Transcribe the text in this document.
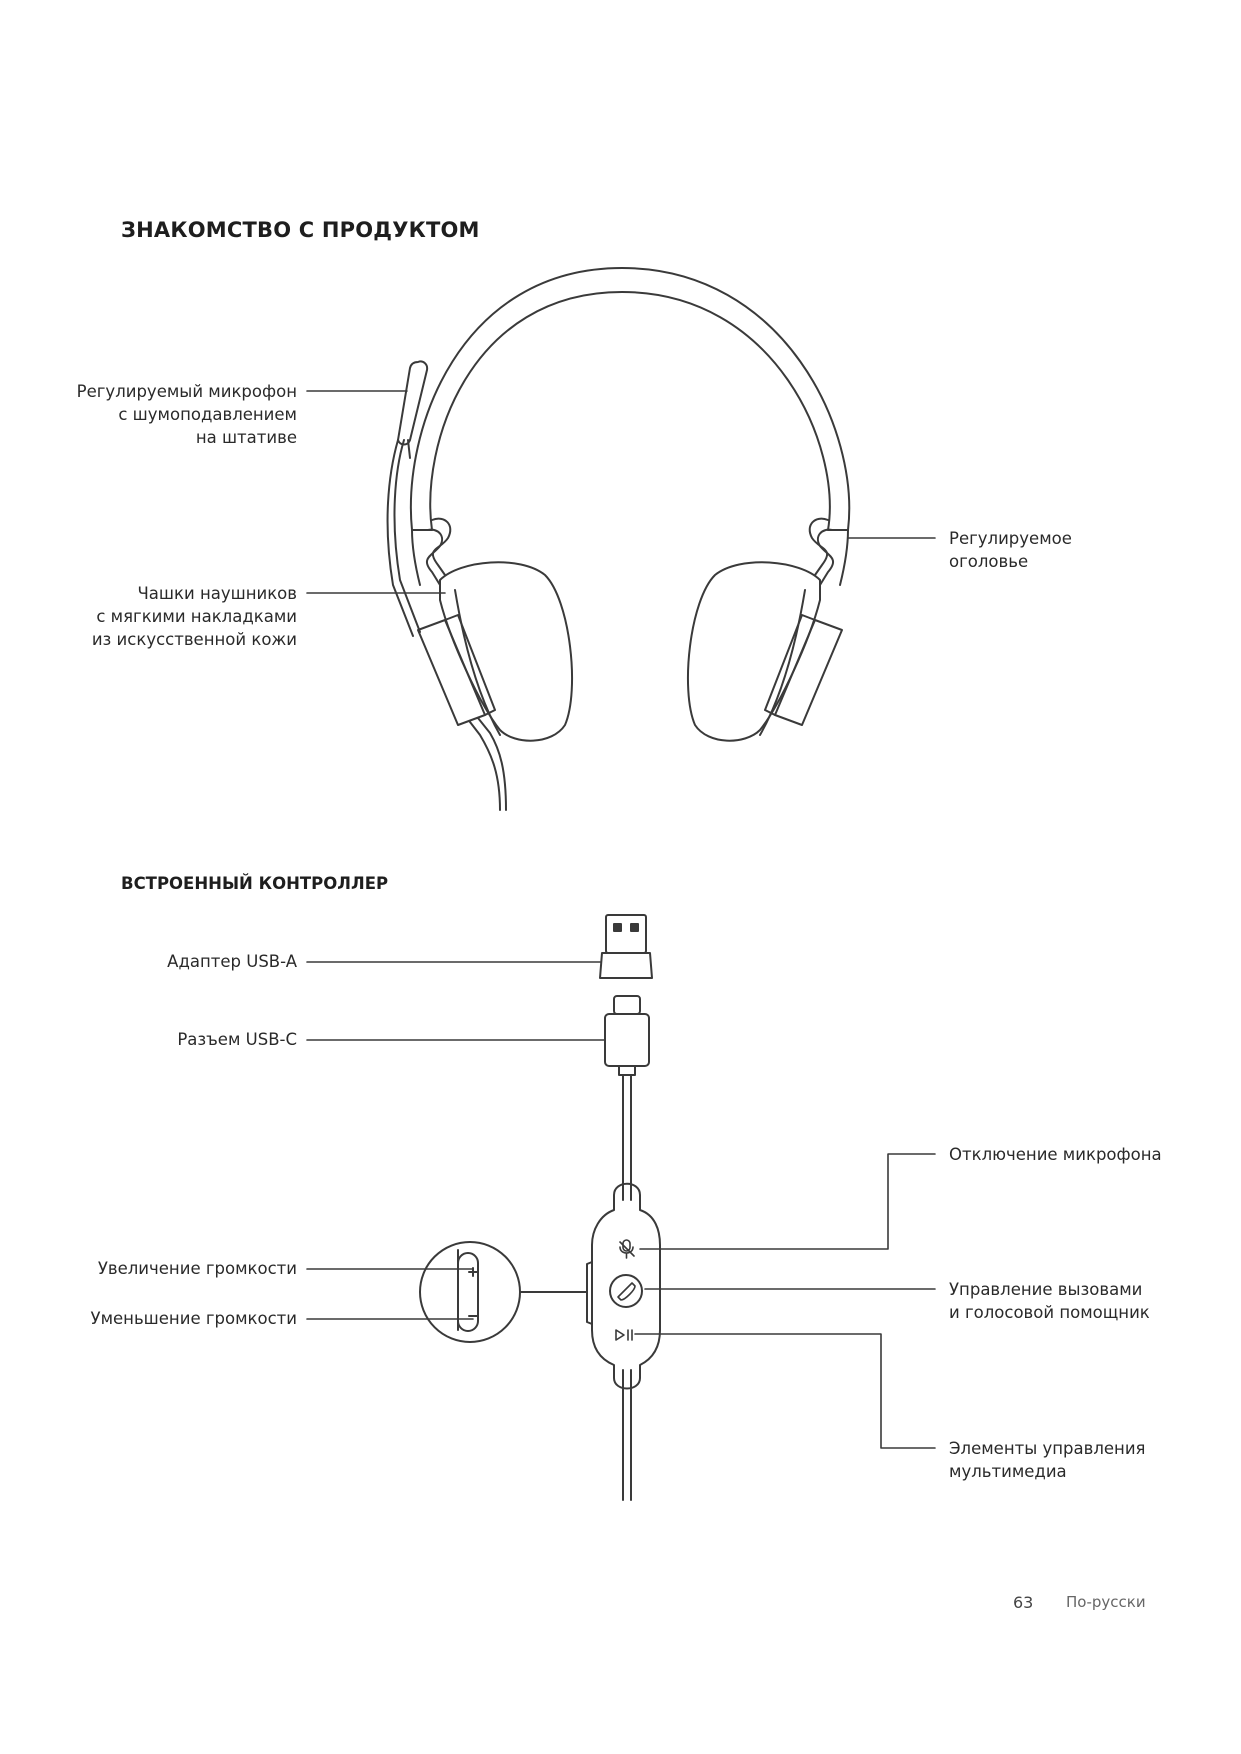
ЗНАКОМСТВО С ПРОДУКТОМ
ВСТРОЕННЫЙ КОНТРОЛЛЕР
Регулируемый микрофон
с шумоподавлением
на штативе
Чашки наушников
с мягкими накладками
из искусственной кожи
Регулируемое
оголовье
Адаптер USB-A
Разъем USB-C
Увеличение громкости
Уменьшение громкости
Отключение микрофона
Управление вызовами
и голосовой помощник
Элементы управления
мультимедиа
63 По-русски
